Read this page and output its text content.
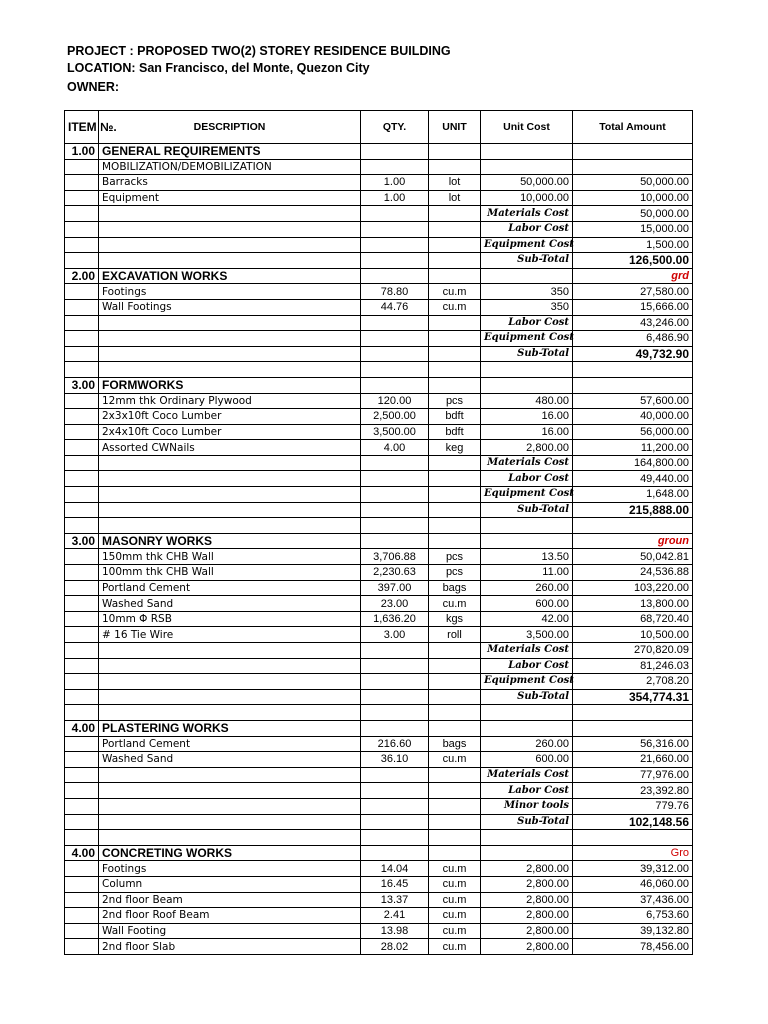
PROJECT : PROPOSED TWO(2) STOREY RESIDENCE BUILDING
LOCATION: San Francisco, del Monte, Quezon City
OWNER:
ITEM №.	DESCRIPTION	QTY.	UNIT	Unit Cost	Total Amount
1.00	GENERAL REQUIREMENTS				
	MOBILIZATION/DEMOBILIZATION				
	Barracks	1.00	lot	50,000.00	50,000.00
	Equipment	1.00	lot	10,000.00	10,000.00
				Materials Cost	50,000.00
				Labor Cost	15,000.00
				Equipment Cost	1,500.00
				Sub-Total	126,500.00
2.00	EXCAVATION WORKS				grd
	Footings	78.80	cu.m	350	27,580.00
	Wall Footings	44.76	cu.m	350	15,666.00
				Labor Cost	43,246.00
				Equipment Cost	6,486.90
				Sub-Total	49,732.90

3.00	FORMWORKS				
	12mm thk Ordinary Plywood	120.00	pcs	480.00	57,600.00
	2x3x10ft Coco Lumber	2,500.00	bdft	16.00	40,000.00
	2x4x10ft Coco Lumber	3,500.00	bdft	16.00	56,000.00
	Assorted CWNails	4.00	keg	2,800.00	11,200.00
				Materials Cost	164,800.00
				Labor Cost	49,440.00
				Equipment Cost	1,648.00
				Sub-Total	215,888.00

3.00	MASONRY WORKS				groun
	150mm thk CHB Wall	3,706.88	pcs	13.50	50,042.81
	100mm thk CHB Wall	2,230.63	pcs	11.00	24,536.88
	Portland Cement	397.00	bags	260.00	103,220.00
	Washed Sand	23.00	cu.m	600.00	13,800.00
	10mm Φ RSB	1,636.20	kgs	42.00	68,720.40
	# 16 Tie Wire	3.00	roll	3,500.00	10,500.00
				Materials Cost	270,820.09
				Labor Cost	81,246.03
				Equipment Cost	2,708.20
				Sub-Total	354,774.31

4.00	PLASTERING WORKS				
	Portland Cement	216.60	bags	260.00	56,316.00
	Washed Sand	36.10	cu.m	600.00	21,660.00
				Materials Cost	77,976.00
				Labor Cost	23,392.80
				Minor tools	779.76
				Sub-Total	102,148.56

4.00	CONCRETING WORKS				Gro
	Footings	14.04	cu.m	2,800.00	39,312.00
	Column	16.45	cu.m	2,800.00	46,060.00
	2nd floor Beam	13.37	cu.m	2,800.00	37,436.00
	2nd floor Roof Beam	2.41	cu.m	2,800.00	6,753.60
	Wall Footing	13.98	cu.m	2,800.00	39,132.80
	2nd floor Slab	28.02	cu.m	2,800.00	78,456.00
